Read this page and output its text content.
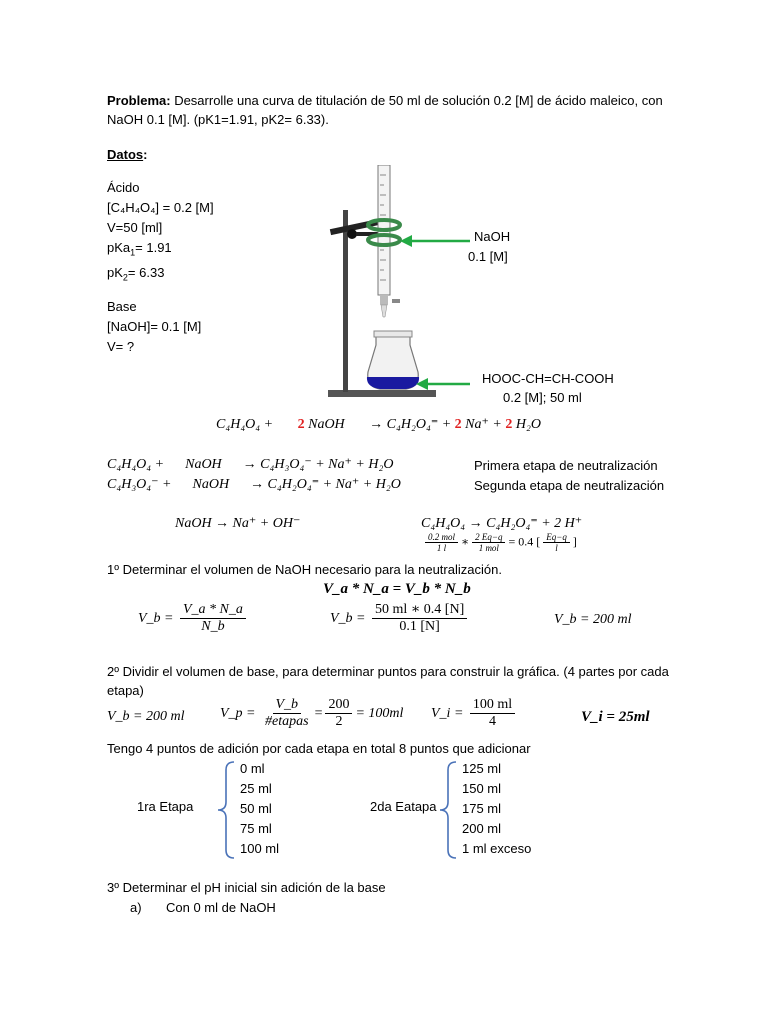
Problema: Desarrolle una curva de titulación de 50 ml de solución 0.2 [M] de ácido maleico, con
NaOH 0.1 [M]. (pK1=1.91, pK2= 6.33).
Datos:
Ácido
[C₄H₄O₄] = 0.2 [M]
V=50 [ml]
pKa$_1$= 1.91
$pK_2= 6.33$
Base
[NaOH]= 0.1 [M]
V= ?
NaOH
0.1 [M]
HOOC-CH=CH-COOH
0.2 [M]; 50 ml
C₄H₄O₄ + 2 NaOH → C₄H₂O₄⁼ + 2 Na⁺ + 2 H₂O
C₄H₄O₄ +      NaOH      → C₄H₃O₄⁻ + Na⁺ + H₂O	Primera etapa de neutralización
C₄H₃O₄⁻ +      NaOH      → C₄H₂O₄⁼ + Na⁺ + H₂O	Segunda etapa de neutralización
NaOH → Na⁺ + OH⁻	C₄H₄O₄ → C₄H₂O₄⁼ + 2 H⁺
$\frac{\text{0.2 mol}}{1 l}$ ∗ $\frac{2 Eq-q}{\text{1 mol}} = 0.4$ [ $\frac{Eq-q}{l}$ ]
1º Determinar el volumen de NaOH necesario para la neutralización.
V_a * N_a = V_b * N_b
V_b = $\frac{V\_a * N\_a}{N\_b}$	V_b = $\frac{50 ml ∗ 0.4 [N]}{0.1 [N]}$	V_b = 200 ml
2º Dividir el volumen de base, para determinar puntos para construir la gráfica. (4 partes por cada
etapa)
V_b = 200 ml	V_p = $\frac{V\_b}{\text{\#etapas}} = \frac{200}{2} = 100ml$ V_i = $\frac{100 ml}{4}$	V_i = 25ml
Tengo 4 puntos de adición por cada etapa en total 8 puntos que adicionar
1ra Etapa
0 ml
25 ml
50 ml
75 ml
100 ml
2da Eatapa
125 ml
150 ml
175 ml
200 ml
1 ml exceso
3º Determinar el pH inicial sin adición de la base
a) Con 0 ml de NaOH
